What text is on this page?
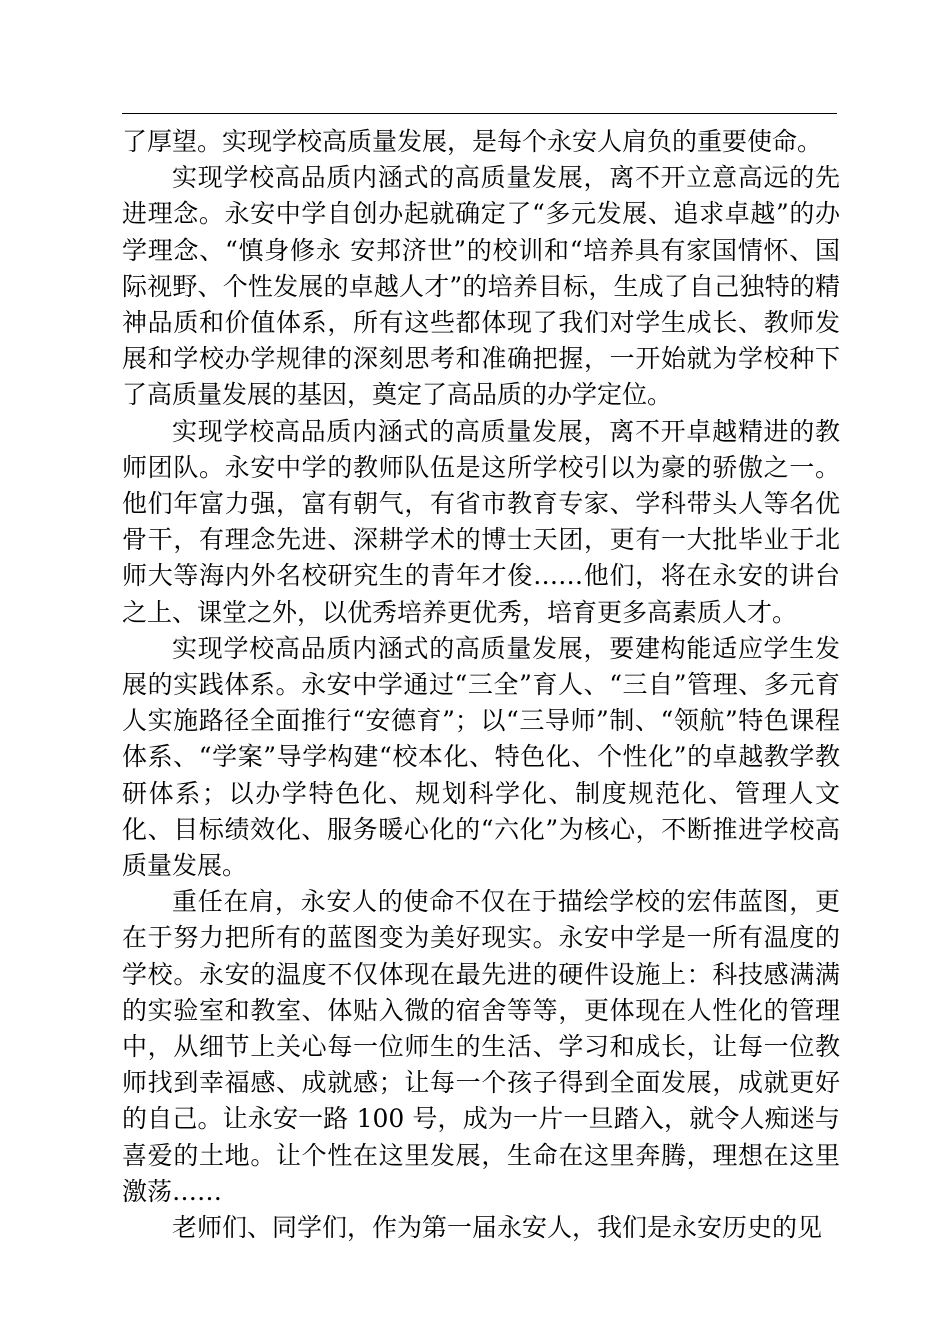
了厚望。实现学校高质量发展，是每个永安人肩负的重要使命。

实现学校高品质内涵式的高质量发展，离不开立意高远的先进理念。永安中学自创办起就确定了“多元发展、追求卓越”的办学理念、“慎身修永 安邦济世”的校训和“培养具有家国情怀、国际视野、个性发展的卓越人才”的培养目标，生成了自己独特的精神品质和价值体系，所有这些都体现了我们对学生成长、教师发展和学校办学规律的深刻思考和准确把握，一开始就为学校种下了高质量发展的基因，奠定了高品质的办学定位。

实现学校高品质内涵式的高质量发展，离不开卓越精进的教师团队。永安中学的教师队伍是这所学校引以为豪的骄傲之一。他们年富力强，富有朝气，有省市教育专家、学科带头人等名优骨干，有理念先进、深耕学术的博士天团，更有一大批毕业于北师大等海内外名校研究生的青年才俊……他们，将在永安的讲台之上、课堂之外，以优秀培养更优秀，培育更多高素质人才。

实现学校高品质内涵式的高质量发展，要建构能适应学生发展的实践体系。永安中学通过“三全”育人、“三自”管理、多元育人实施路径全面推行“安德育”；以“三导师”制、“领航”特色课程体系、“学案”导学构建“校本化、特色化、个性化”的卓越教学教研体系；以办学特色化、规划科学化、制度规范化、管理人文化、目标绩效化、服务暖心化的“六化”为核心，不断推进学校高质量发展。

重任在肩，永安人的使命不仅在于描绘学校的宏伟蓝图，更在于努力把所有的蓝图变为美好现实。永安中学是一所有温度的学校。永安的温度不仅体现在最先进的硬件设施上：科技感满满的实验室和教室、体贴入微的宿舍等等，更体现在人性化的管理中，从细节上关心每一位师生的生活、学习和成长，让每一位教师找到幸福感、成就感；让每一个孩子得到全面发展，成就更好的自己。让永安一路 100 号，成为一片一旦踏入，就令人痴迷与喜爱的土地。让个性在这里发展，生命在这里奔腾，理想在这里激荡……

老师们、同学们，作为第一届永安人，我们是永安历史的见
